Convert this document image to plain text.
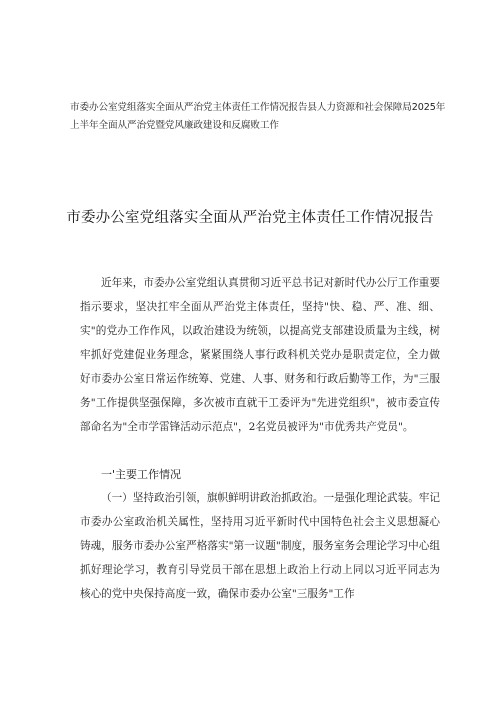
市委办公室党组落实全面从严治党主体责任工作情况报告县人力资源和社会保障局2025年上半年全面从严治党暨党风廉政建设和反腐败工作
市委办公室党组落实全面从严治党主体责任工作情况报告
近年来，市委办公室党组认真贯彻习近平总书记对新时代办公厅工作重要指示要求，坚决扛牢全面从严治党主体责任，坚持"快、稳、严、准、细、实"的党办工作作风，以政治建设为统领，以提高党支部建设质量为主线，树牢抓好党建促业务理念，紧紧围绕人事行政科机关党办是职责定位，全力做好市委办公室日常运作统筹、党建、人事、财务和行政后勤等工作，为"三服务"工作提供坚强保障，多次被市直就干工委评为"先进党组织"，被市委宣传部命名为"全市学雷锋活动示范点"，2名党员被评为"市优秀共产党员"。
一'主要工作情况
（一）坚持政治引领，旗帜鲜明讲政治抓政治。一是强化理论武装。牢记市委办公室政治机关属性，坚持用习近平新时代中国特色社会主义思想凝心铸魂，服务市委办公室严格落实"第一议题"制度，服务室务会理论学习中心组抓好理论学习，教育引导党员干部在思想上政治上行动上同以习近平同志为核心的党中央保持高度一致，确保市委办公室"三服务"工作
